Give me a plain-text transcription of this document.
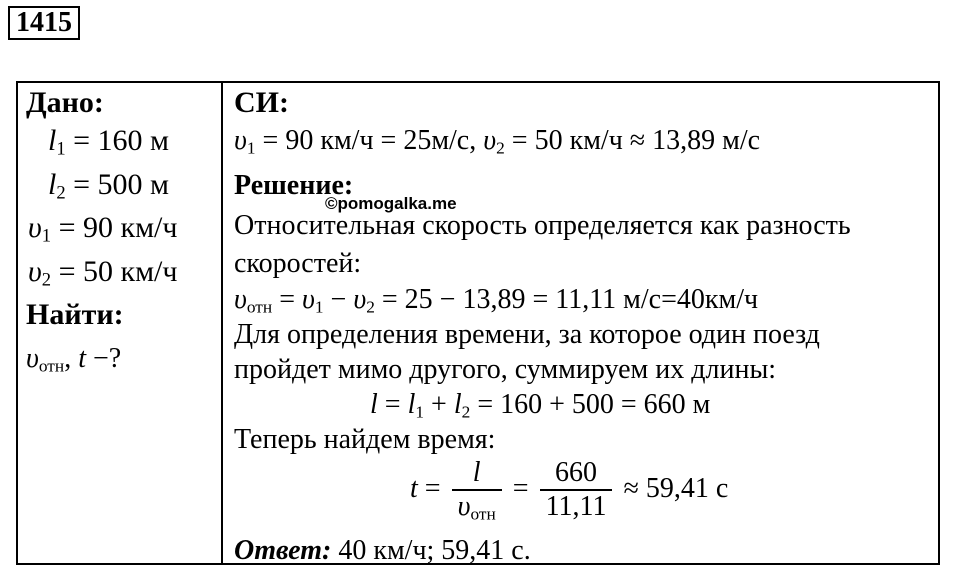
1415
Дано:
$l_1 = 160$ м
$l_2 = 500$ м
$\upsilon_1 = 90$ км/ч
$\upsilon_2 = 50$ км/ч
Найти:
$\upsilon_{отн}$, t −?
СИ:
$\upsilon_1 = 90$ км/ч = 25м/с, $\upsilon_2 = 50$ км/ч ≈ 13,89 м/с
Решение:
©pomogalka.me
Относительная скорость определяется как разность
скоростей:
$\upsilon_{отн} = \upsilon_1 - \upsilon_2 = 25 - 13,89 = 11,11$ м/с=40км/ч
Для определения времени, за которое один поезд
пройдет мимо другого, суммируем их длины:
$l = l_1 + l_2 = 160 + 500 = 660$ м
Теперь найдем время:
$t = \frac{l}{\upsilon_{отн}} = \frac{660}{11,11} \approx 59,41$ с
Ответ: 40 км/ч; 59,41 с.
